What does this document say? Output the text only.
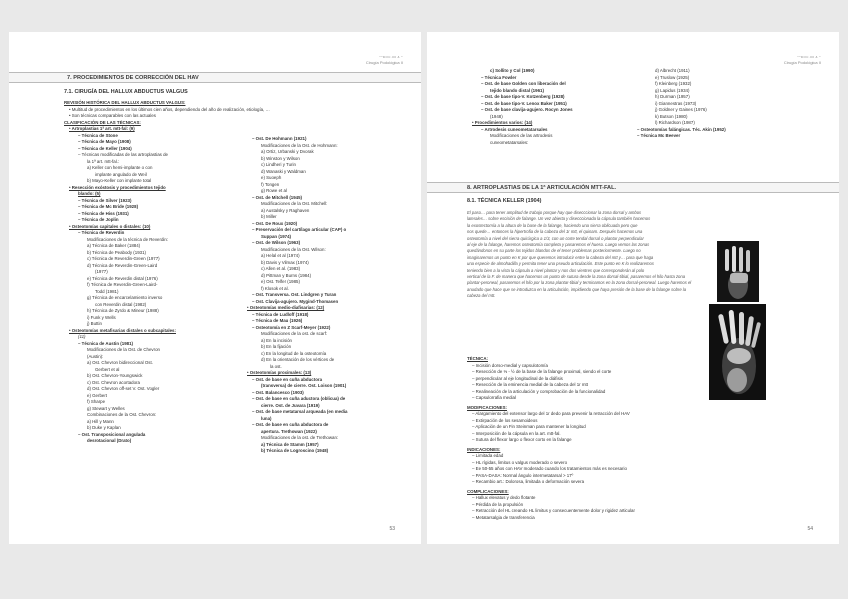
^^DOC·00 & ^
Cirugía Podológica II
7. PROCEDIMIENTOS DE CORRECCIÓN DEL HAV
7.1. CIRUGÍA DEL HALLUX ABDUCTUS VALGUS
REVISIÓN HISTÓRICA DEL HALLUX ABDUCTUS VALGUS:
• Multitud de procedimientos en los últimos cien años, dependiendo del año de realización, etiología, …
• Son técnicas comparables con las actuales
CLASIFICACIÓN DE LAS TÉCNICAS:
• Artroplastias 1ª art. mtt-fal: (9)
– Técnica de Stone
– Técnica de Mayo (1908)
– Técnica de Keller (1904)
– Técnicas modificadas de las artroplastias de
la 1ª art. mtt-fal.:
a) Keller con hemi-implante o con
implante angulado de Weil
b) Mayo-Keller con implante total
• Resección exóstosis y procedimientos tejido
blando: (5)
– Técnica de Silver (1923)
– Técnica de Mc Bride (1928)
– Técnica de Hiss (1931)
– Técnica de Joplin
• Osteotomías capitales o distales: (10)
– Técnica de Reverdin
Modificaciones de la técnica de Reverdin:
a) Técnica de Baker (1884)
b) Técnica de Peabody (1931)
c) Técnica de Reverdin-Green (1977)
d) Técnica de Reverdin-Green-Laird
(1977)
e) Técnica de Reverdin distal (1976)
f) Técnica de Reverdin-Green-Laird-
Todd (1981)
g) Técnica de encarcelamiento inverso
con Reverdin distal (1982)
h) Técnica de Zyrdo & Mineur (1988)
i) Funk y Wells
j) Buttin
• Osteotomías metafisarias distales o subcapitales:
(11)
– Técnica de Austin (1981)
Modificaciones de la Ost. de Chevron
(Austin):
a) Ost. Chevron bidireccional Ost.
Gerbert et al
b) Ost. Chevron-Youngswick
c) Ost. Chevron acortadora
d) Ost. Chevron off-set V. Ost. Vogler
e) Gerbert
f) Sharpe
g) Stewart y Welles
Combinaciones de la Ost. Chevron:
a) Hill y Mann
b) Duke y Kaplan
– Ost. Transposicional angulada
desrotacional (Drato)
– Ost. De Hohmann (1921)
Modificaciones de la Ost. de Hohmann:
a) Ortiz, Urbanski y Dvorak
b) Winston y Wilson
c) Lindheri y Turin
d) Wanaski y Waldman
e) Suoeph
f) Tongen
g) Rowe et al
– Ost. de Mitchell (1945)
Modificaciones de la Ost. Mitchell:
a) Austalsky y Raghaven
b) Miller
– Ost. De Roux (1920)
– Preservación del cartílago articular (CAP) o
Suppan (1974)
– Ost. de Wilson (1963)
Modificaciones de la Ost. Wilson:
a) Helal et al (1974)
b) Davis y Vilmax (1974)
c) Allen et al. (1983)
d) Pittman y Burns (1984)
e) Ost. Telfer (1985)
f) Klosok et al.
– Ost. Transversa. Ost. Lindgren y Turan
– Ost. Clavija-agujero. Mygind-Thomasen
• Osteotomías medio-diafisarias: (12)
– Técnica de Ludloff (1918)
– Técnica de Mau (1926)
– Osteotomía en Z Scarf-Meyer (1922)
Modificaciones de la ost. de scarf:
a) En la incisión
b) En la fijación
c) En la longitud de la osteotomía
d) En la orientación de los vértices de
la ost.
• Osteotomías proximales: (13)
– Ost. de base en cuña abductora
(transversa) de cierre. Ost. Loison (1901)
– Ost. Balancesco (1903)
– Ost. de base en cuña aductora (oblicua) de
cierre. Ost. de Juvara (1919)
– Ost. de base metatarsal arqueada (en media
luna)
– Ost. de base en cuña abductora de
apertura. Trethowan (1922)
Modificaciones de la ost. de Trethowan:
a) Técnica de Stamm (1957)
b) Técnica de Logroscino (1948)
53
^^DOC·00 & ^
Cirugía Podológica II
c) Sollito y Col (1990)
– Técnica Fowler
– Ost. de base Golden con liberación del
tejido blando distal (1961)
– Ost. de base tipo-V. Kotzenberg (1928)
– Ost. de base tipo-V. Lenox Baker (1951)
– Ost. de base clavija-agujero. Rocyn Jones
(1948)
• Procedimientos varios: (14)
– Artrodesis cuneometatarsales
Modificaciones de las artrodesis
cuneometatarsales:
d) Albrecht (1911)
e) Truslow (1925)
f) Kleinberg (1932)
g) Lapidus (1934)
h) Durman (1957)
i) Giannestras (1973)
j) Goldner y Gaines (1976)
k) Butson (1980)
l) Richardson (1987)
– Osteotomías falángicas. Téc. Akin (1952)
– Técnica Mc Beever
8. ARTROPLASTIAS DE LA 1ª ARTICULACIÓN MTT-FAL.
8.1. TÉCNICA KELLER (1904)
El paso… para tener amplitud de trabajo porque hay que disecccionar la zona dorsal y ambos
laterales… sobre escisión de falange. Un vez abierta y disecccionada la cápsula también hacemos
la exostectomía a la altura de la base de la falange, haciendo una sierra oblicuada pero que
nos quede… entonces la hipertrofia de la cabeza del 1r mtt, el quinam. Después hacemos una
osteotomía a nivel del sierra quirúrgica a 1/3, con un corte tendal dorsal o plantar perpendicular
al eje de la falange, haremos osteotomía completa y pasaremos el hueso. Luego vemos las zonas
quedándonos en su parte los tejidos blandos de el tener problemas posteriormente. Luego no
imaginaremos un punto en K por que queremos introducir entre la cabeza del mtt y… para que haga
una especie de almohadilla y permita tener una pseudo articulación. Este punto en K lo realizaremos
teniendo bien a la vista la cápsula a nivel plantar y nos dos vientres que corresponderán al polo
vertical de la F. de manera que hacemos un punto de sutura desde la zona dorsal-tibial, pasaremos el hilo hasta zona
plantar-peroneal, pasaremos el hilo por la zona plantar-tibial y terminamos en la zona dorsal-peroneal. Luego haremos el
anudado que hace que se introduzca en la articulación, impidiendo que haya presión de la base de la falange sobre la
cabeza del mtt.
TÉCNICA:
– Incisión dorso-medial y capsulotomía
– Resección de ⅓ - ½ de la base de la falange proximal, siendo el corte
– perpendicular al eje longitudinal de la diáfisis
– Resección de la eminencia medial de la cabeza del 1r mtt
– Realineación de la articulación y comprobación de la funcionalidad
– Capsulorrafia medial
MODIFICACIONES:
– Alargamiento del extensor largo del 1r dedo para prevenir la retracción del HAV
– Extirpación de los sesamoideos
– Aplicación de un Fin Steinman para mantener la longitud
– Interposición de la cápsula en la art. mtt-fal.
– Sutura del flexor largo o flexor corto en la falange
INDICACIONES:
– Limitada edad
– HL rígidas, limitus o valgus moderado o severo
– Ee 50-55 años con HAV moderado cuando los tratamientos más es necesario
– PASA-DASA: Normal ángulo intermetatarsal > 17º
– Recambio art.: Dolorosa, limitada o deformación severa
COMPLICACIONES:
– Hallux elevatus y dedo flotante
– Pérdida de la propulsión
– Retracción del HL creando HL limitus y consecuentemente dolor y rigidez articular
– Metatarsalgia de transferencia
54
